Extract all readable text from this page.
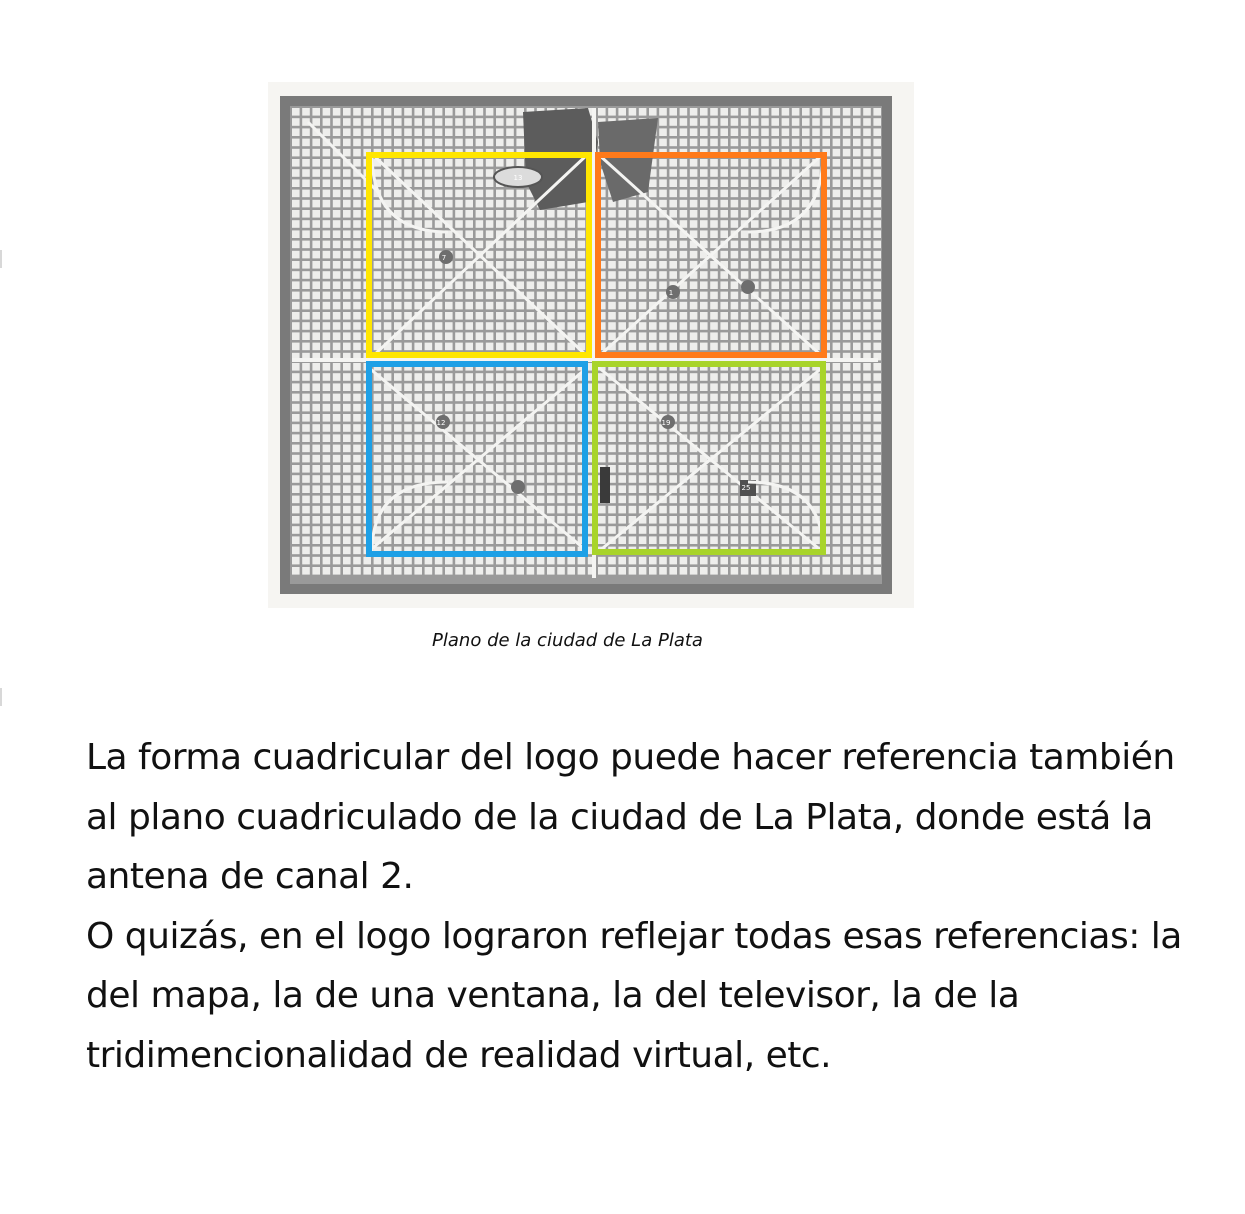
7
13
1
12	19
25
Plano de la ciudad de La Plata

La forma cuadricular del logo puede hacer referencia también al plano cuadriculado de la ciudad de La Plata, donde está la antena de canal 2.

O quizás, en el logo lograron reflejar todas esas referencias: la del mapa, la de una ventana, la del televisor, la de la tridimencionalidad de realidad virtual, etc.
